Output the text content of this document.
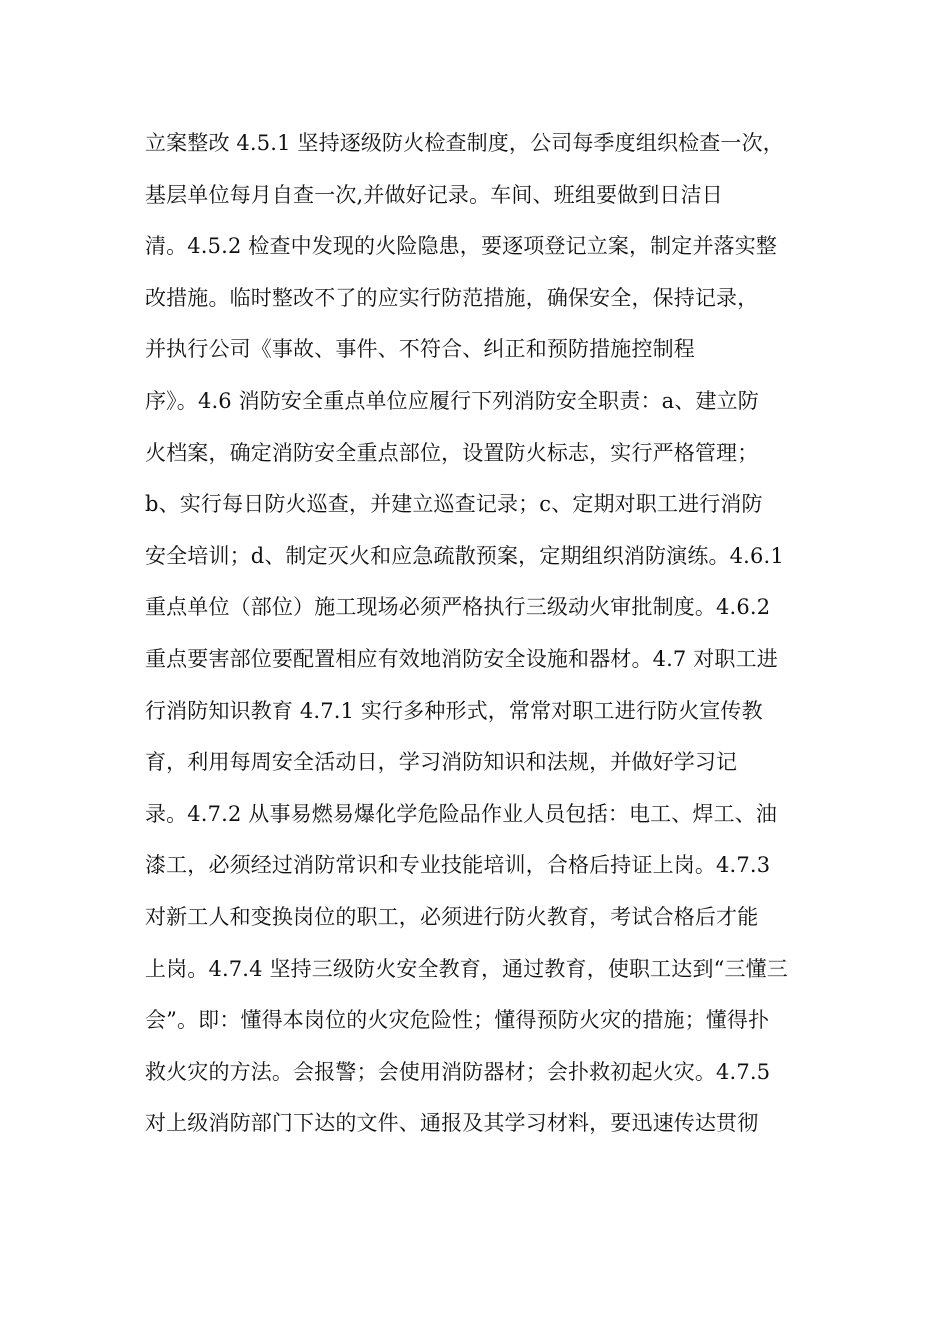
立案整改 4.5.1 坚持逐级防火检查制度，公司每季度组织检查一次，
基层单位每月自查一次,并做好记录。车间、班组要做到日洁日
清。4.5.2 检查中发现的火险隐患，要逐项登记立案，制定并落实整
改措施。临时整改不了的应实行防范措施，确保安全，保持记录，
并执行公司《事故、事件、不符合、纠正和预防措施控制程
序》。4.6 消防安全重点单位应履行下列消防安全职责：a、建立防
火档案，确定消防安全重点部位，设置防火标志，实行严格管理；
b、实行每日防火巡查，并建立巡查记录；c、定期对职工进行消防
安全培训；d、制定灭火和应急疏散预案，定期组织消防演练。4.6.1
重点单位（部位）施工现场必须严格执行三级动火审批制度。4.6.2
重点要害部位要配置相应有效地消防安全设施和器材。4.7 对职工进
行消防知识教育 4.7.1 实行多种形式，常常对职工进行防火宣传教
育，利用每周安全活动日，学习消防知识和法规，并做好学习记
录。4.7.2 从事易燃易爆化学危险品作业人员包括：电工、焊工、油
漆工，必须经过消防常识和专业技能培训，合格后持证上岗。4.7.3
对新工人和变换岗位的职工，必须进行防火教育，考试合格后才能
上岗。4.7.4 坚持三级防火安全教育，通过教育，使职工达到“三懂三
会”。即：懂得本岗位的火灾危险性；懂得预防火灾的措施；懂得扑
救火灾的方法。会报警；会使用消防器材；会扑救初起火灾。4.7.5
对上级消防部门下达的文件、通报及其学习材料，要迅速传达贯彻
